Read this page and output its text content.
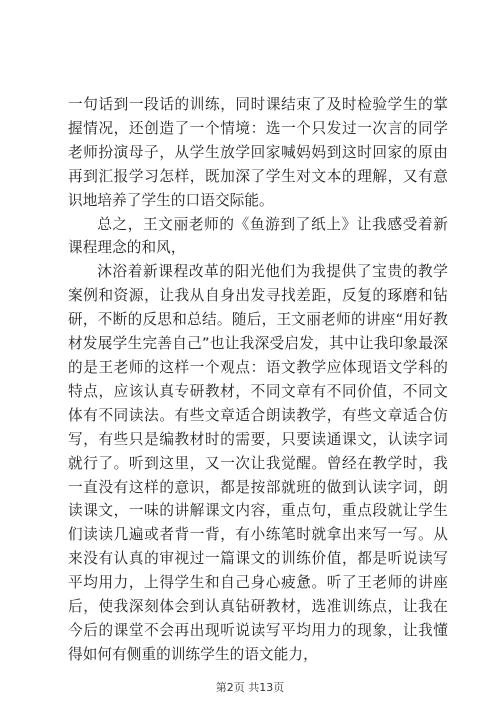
一句话到一段话的训练，同时课结束了及时检验学生的掌握情况，还创造了一个情境：选一个只发过一次言的同学老师扮演母子，从学生放学回家喊妈妈到这时回家的原由再到汇报学习怎样，既加深了学生对文本的理解，又有意识地培养了学生的口语交际能。

总之，王文丽老师的《鱼游到了纸上》让我感受着新课程理念的和风，

沐浴着新课程改革的阳光他们为我提供了宝贵的教学案例和资源，让我从自身出发寻找差距，反复的琢磨和钻研，不断的反思和总结。随后，王文丽老师的讲座“用好教材发展学生完善自己”也让我深受启发，其中让我印象最深的是王老师的这样一个观点：语文教学应体现语文学科的特点，应该认真专研教材，不同文章有不同价值，不同文体有不同读法。有些文章适合朗读教学，有些文章适合仿写，有些只是编教材时的需要，只要读通课文，认读字词就行了。听到这里，又一次让我觉醒。曾经在教学时，我一直没有这样的意识，都是按部就班的做到认读字词，朗读课文，一味的讲解课文内容，重点句，重点段就让学生们读读几遍或者背一背，有小练笔时就拿出来写一写。从来没有认真的审视过一篇课文的训练价值，都是听说读写平均用力，上得学生和自己身心疲惫。听了王老师的讲座后，使我深刻体会到认真钻研教材，选准训练点，让我在今后的课堂不会再出现听说读写平均用力的现象，让我懂得如何有侧重的训练学生的语文能力，

第2页 共13页
